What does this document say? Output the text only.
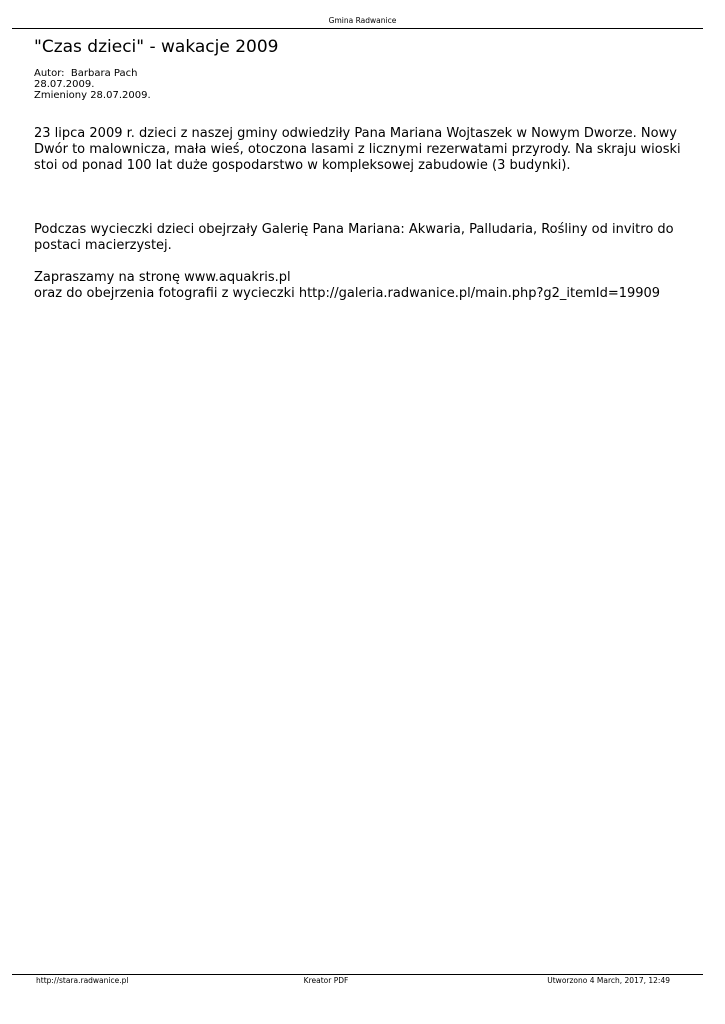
Gmina Radwanice
"Czas dzieci" - wakacje 2009
Autor:  Barbara Pach
28.07.2009.
Zmieniony 28.07.2009.

23 lipca 2009 r. dzieci z naszej gminy odwiedziły Pana Mariana Wojtaszek w Nowym Dworze. Nowy Dwór to malownicza, mała wieś, otoczona lasami z licznymi rezerwatami przyrody. Na skraju wioski stoi od ponad 100 lat duże gospodarstwo w kompleksowej zabudowie (3 budynki).

Podczas wycieczki dzieci obejrzały Galerię Pana Mariana: Akwaria, Palludaria, Rośliny od invitro do postaci macierzystej.

Zapraszamy na stronę www.aquakris.pl

oraz do obejrzenia fotografii z wycieczki http://galeria.radwanice.pl/main.php?g2_itemId=19909

http://stara.radwanice.pl	Kreator PDF	Utworzono 4 March, 2017, 12:49
